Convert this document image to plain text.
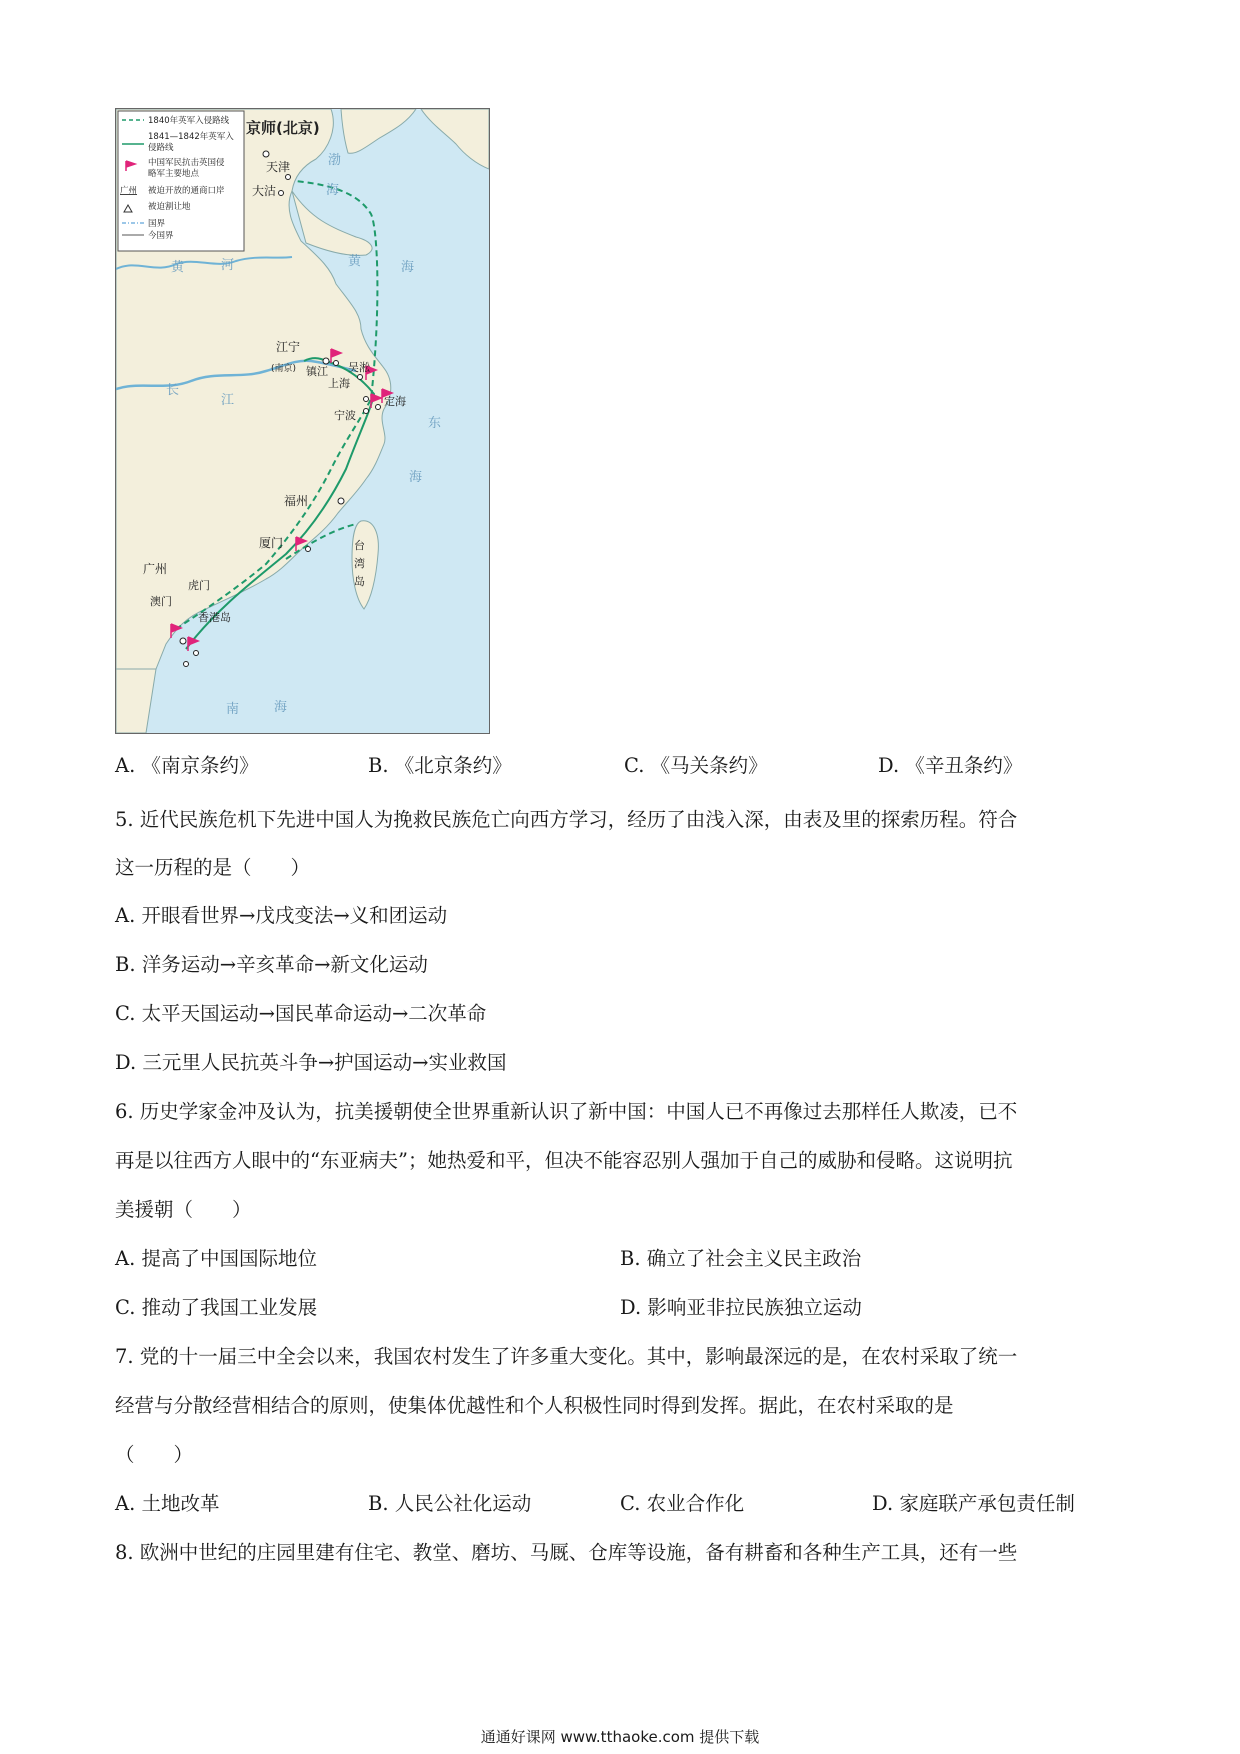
1840年英军入侵路线
1841—1842年英军入
侵路线
中国军民抗击英国侵
略军主要地点
广州 被迫开放的通商口岸
被迫割让地
国界
今国界
京师(北京)
天津
大沽
江宁
(南京) 镇江 吴淞
上海
定海
宁波
福州
厦门
广州
虎门
澳门
香港岛
台
湾
岛
渤
海
黄	海
黄	河
长
江
东
海
南	海
A. 《南京条约》	B. 《北京条约》	C. 《马关条约》	D. 《辛丑条约》
5. 近代民族危机下先进中国人为挽救民族危亡向西方学习，经历了由浅入深，由表及里的探索历程。符合
这一历程的是（　　）
A. 开眼看世界→戊戌变法→义和团运动
B. 洋务运动→辛亥革命→新文化运动
C. 太平天国运动→国民革命运动→二次革命
D. 三元里人民抗英斗争→护国运动→实业救国
6. 历史学家金冲及认为，抗美援朝使全世界重新认识了新中国：中国人已不再像过去那样任人欺凌，已不
再是以往西方人眼中的“东亚病夫”；她热爱和平，但决不能容忍别人强加于自己的威胁和侵略。这说明抗
美援朝（　　）
A. 提高了中国国际地位	B. 确立了社会主义民主政治
C. 推动了我国工业发展	D. 影响亚非拉民族独立运动
7. 党的十一届三中全会以来，我国农村发生了许多重大变化。其中，影响最深远的是，在农村采取了统一
经营与分散经营相结合的原则，使集体优越性和个人积极性同时得到发挥。据此，在农村采取的是
（　　）
A. 土地改革	B. 人民公社化运动	C. 农业合作化	D. 家庭联产承包责任制
8. 欧洲中世纪的庄园里建有住宅、教堂、磨坊、马厩、仓库等设施，备有耕畜和各种生产工具，还有一些
通通好课网 www.tthaoke.com 提供下载
